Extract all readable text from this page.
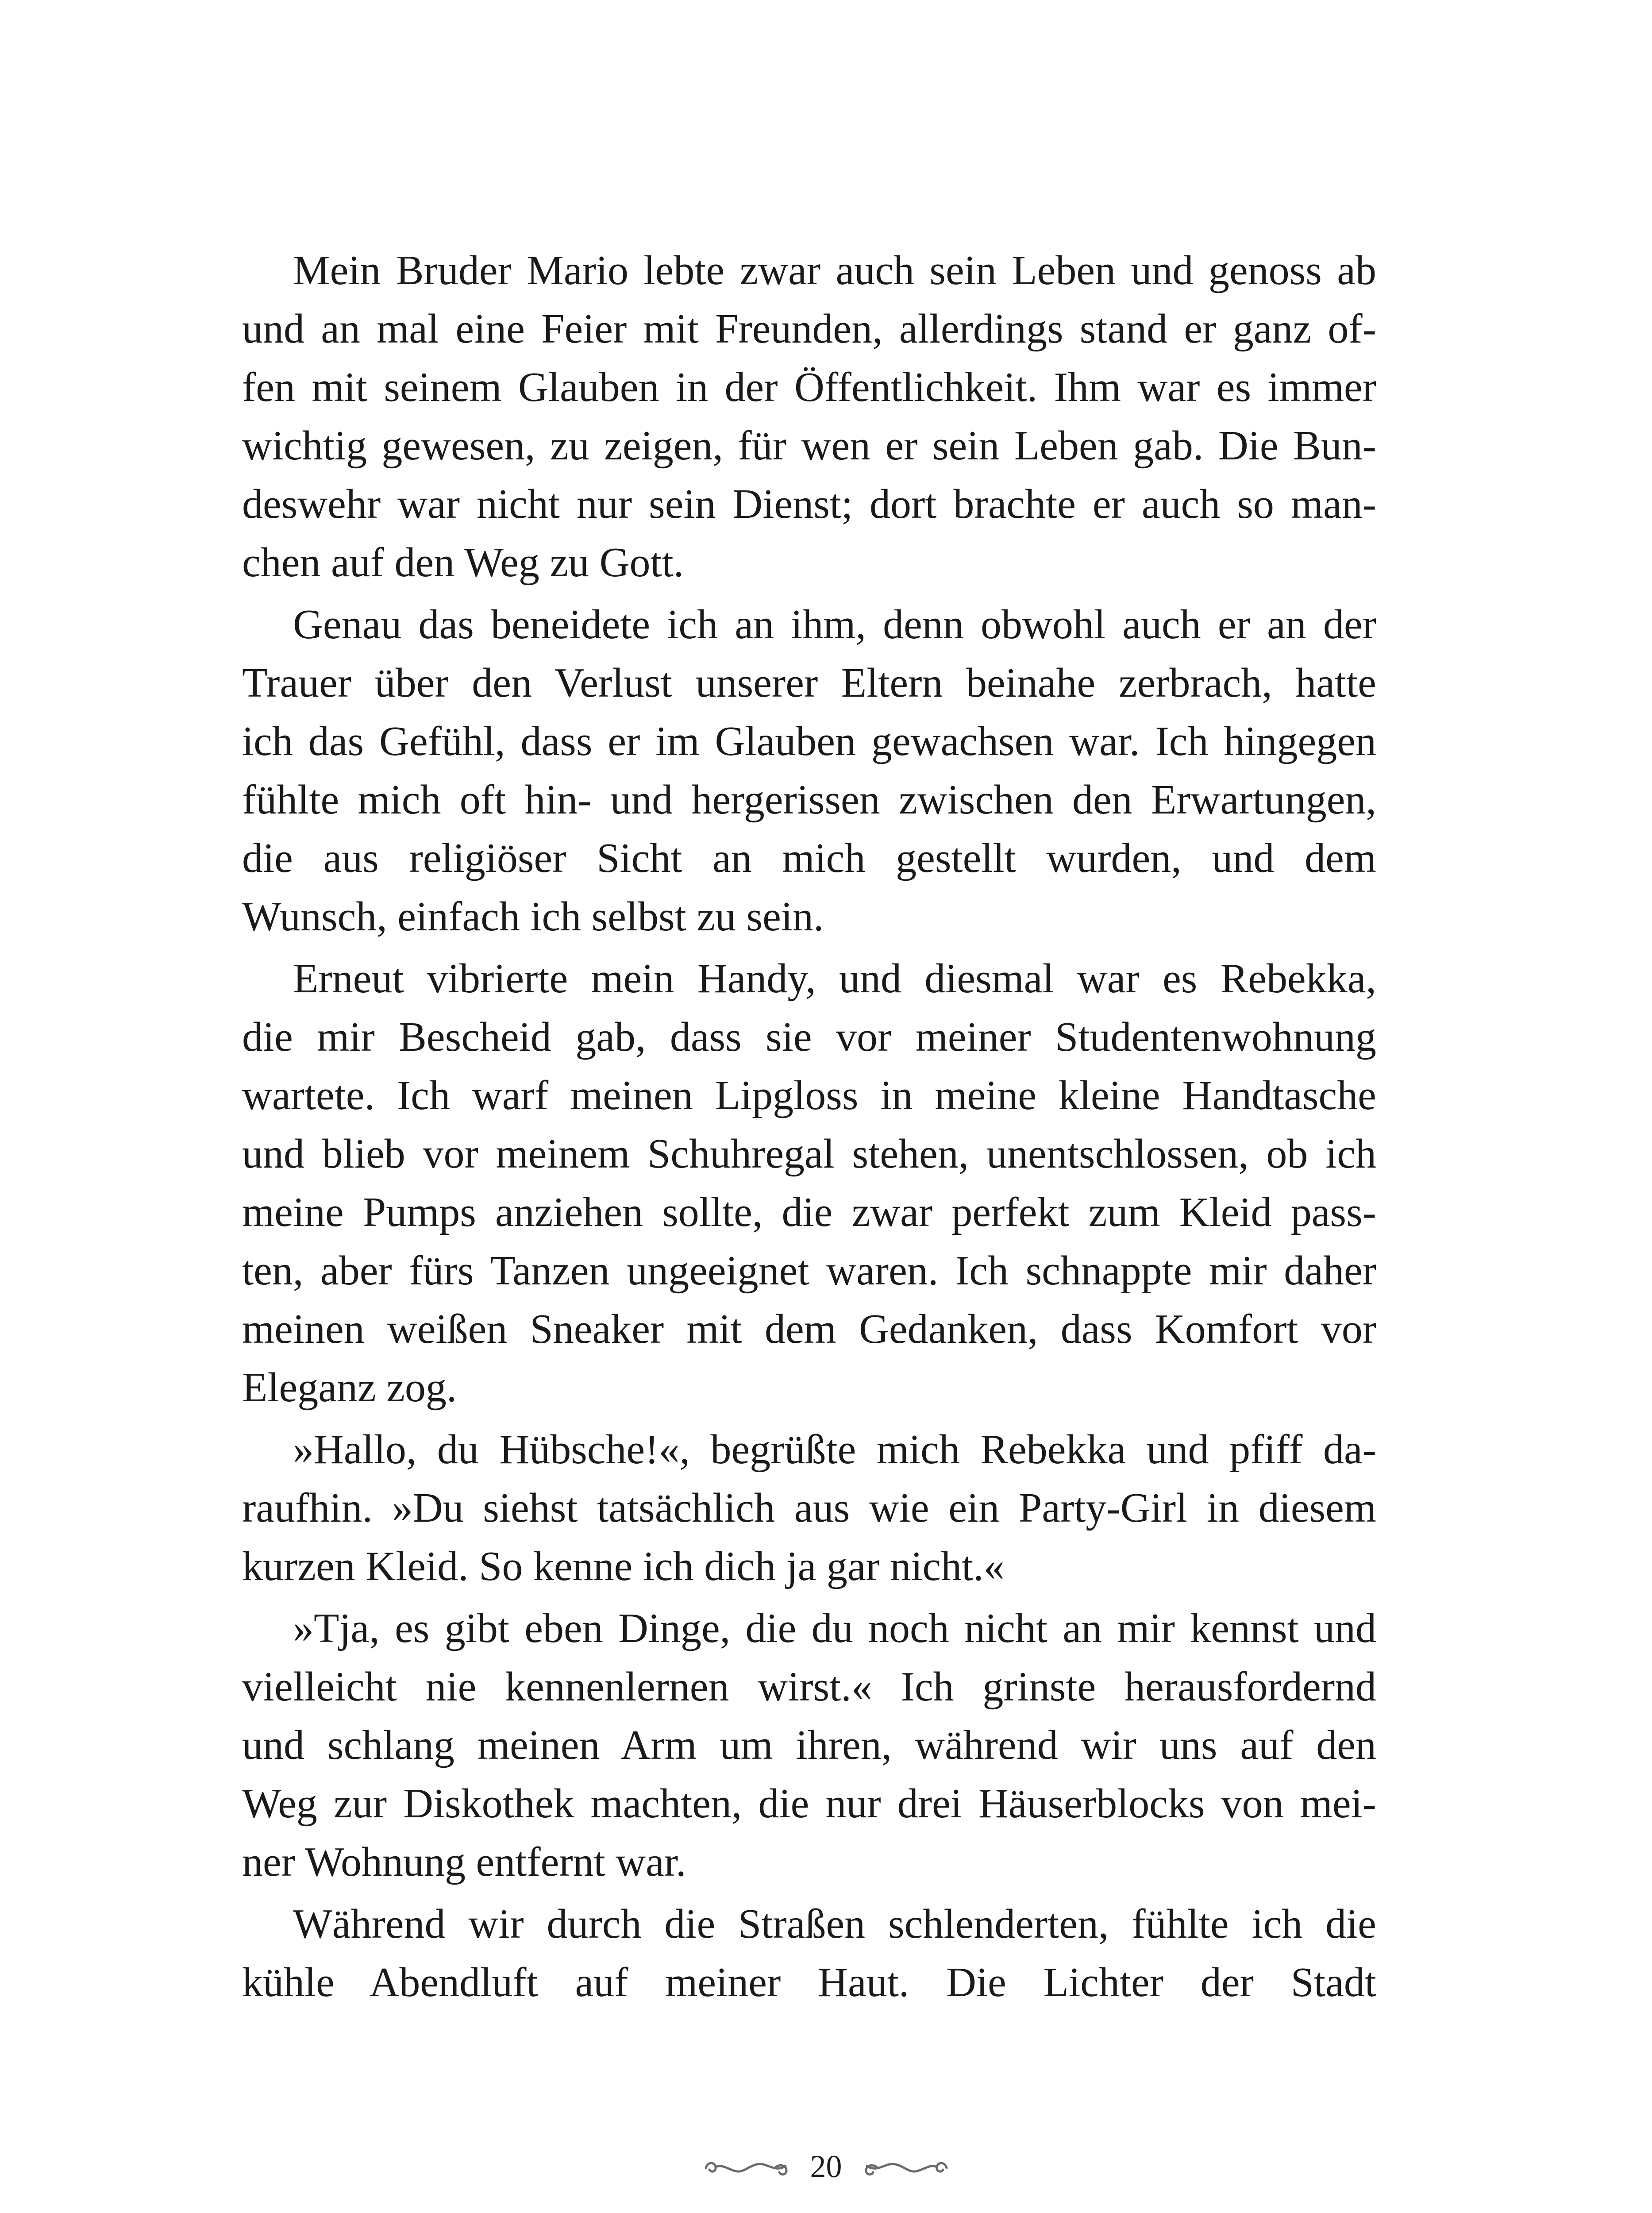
Mein Bruder Mario lebte zwar auch sein Leben und genoss ab
und an mal eine Feier mit Freunden, allerdings stand er ganz of-
fen mit seinem Glauben in der Öffentlichkeit. Ihm war es immer
wichtig gewesen, zu zeigen, für wen er sein Leben gab. Die Bun-
deswehr war nicht nur sein Dienst; dort brachte er auch so man-
chen auf den Weg zu Gott.
Genau das beneidete ich an ihm, denn obwohl auch er an der
Trauer über den Verlust unserer Eltern beinahe zerbrach, hatte
ich das Gefühl, dass er im Glauben gewachsen war. Ich hingegen
fühlte mich oft hin- und hergerissen zwischen den Erwartungen,
die aus religiöser Sicht an mich gestellt wurden, und dem
Wunsch, einfach ich selbst zu sein.
Erneut vibrierte mein Handy, und diesmal war es Rebekka,
die mir Bescheid gab, dass sie vor meiner Studentenwohnung
wartete. Ich warf meinen Lipgloss in meine kleine Handtasche
und blieb vor meinem Schuhregal stehen, unentschlossen, ob ich
meine Pumps anziehen sollte, die zwar perfekt zum Kleid pass-
ten, aber fürs Tanzen ungeeignet waren. Ich schnappte mir daher
meinen weißen Sneaker mit dem Gedanken, dass Komfort vor
Eleganz zog.
»Hallo, du Hübsche!«, begrüßte mich Rebekka und pfiff da-
raufhin. »Du siehst tatsächlich aus wie ein Party-Girl in diesem
kurzen Kleid. So kenne ich dich ja gar nicht.«
»Tja, es gibt eben Dinge, die du noch nicht an mir kennst und
vielleicht nie kennenlernen wirst.« Ich grinste herausfordernd
und schlang meinen Arm um ihren, während wir uns auf den
Weg zur Diskothek machten, die nur drei Häuserblocks von mei-
ner Wohnung entfernt war.
Während wir durch die Straßen schlenderten, fühlte ich die
kühle Abendluft auf meiner Haut. Die Lichter der Stadt
20
